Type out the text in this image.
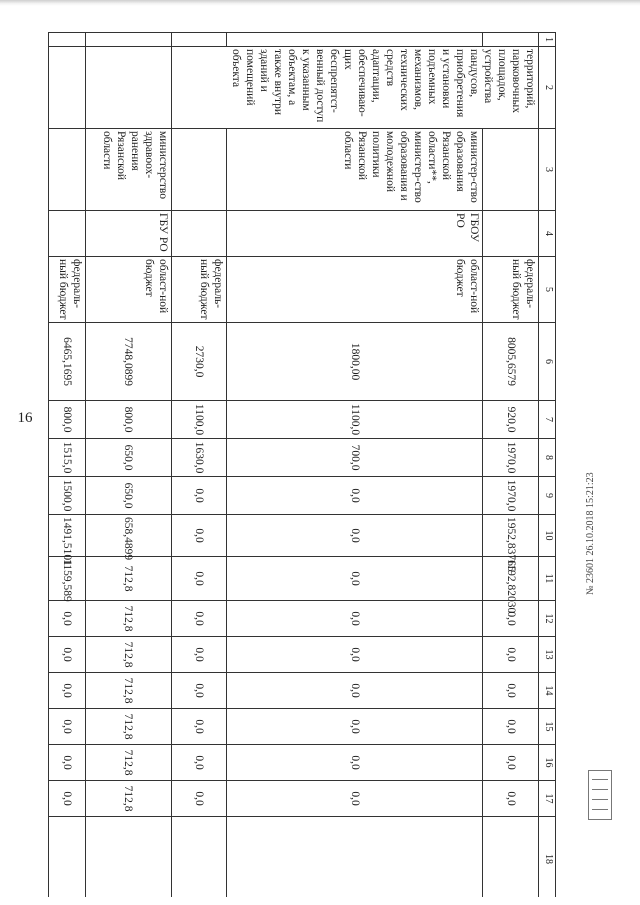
16
1	2	3	4	5	6	7	8	9	10	11	12	13	14	15	16	17	18
	территорий, парковочных площадок, устройства пандусов, приобретения и установки подъемных механизмов, технических средств адаптации, обеспечиваю-щих беспрепятст-венный доступ к указанным объектам, а также внутри зданий и помещений объекта			федераль-ный бюджет	8005,6579	920,0	1970,0	1970,0	1952,83765	1192,82030	0,0	0,0	0,0	0,0	0,0	0,0	
		министер-ство образования Рязанской области**, министер-ство образования и молодежной политики Рязанской области	ГБОУ РО	област-ной бюджет	1800,00	1100,0	700,0	0,0	0,0	0,0	0,0	0,0	0,0	0,0	0,0	0,0	
				федераль-ный бюджет	2730,0	1100,0	1630,0	0,0	0,0	0,0	0,0	0,0	0,0	0,0	0,0	0,0	
		министерство здравоох-ранения Рязанской области	ГБУ РО	област-ной бюджет	7748,0899	800,0	650,0	650,0	658,4899	712,8	712,8	712,8	712,8	712,8	712,8	712,8	
				федераль-ный бюджет	6465,1695	800,0	1515,0	1500,0	1491,5101	1159,589	0,0	0,0	0,0	0,0	0,0	0,0	
№ 23601 26.10.2018 15:21:23
